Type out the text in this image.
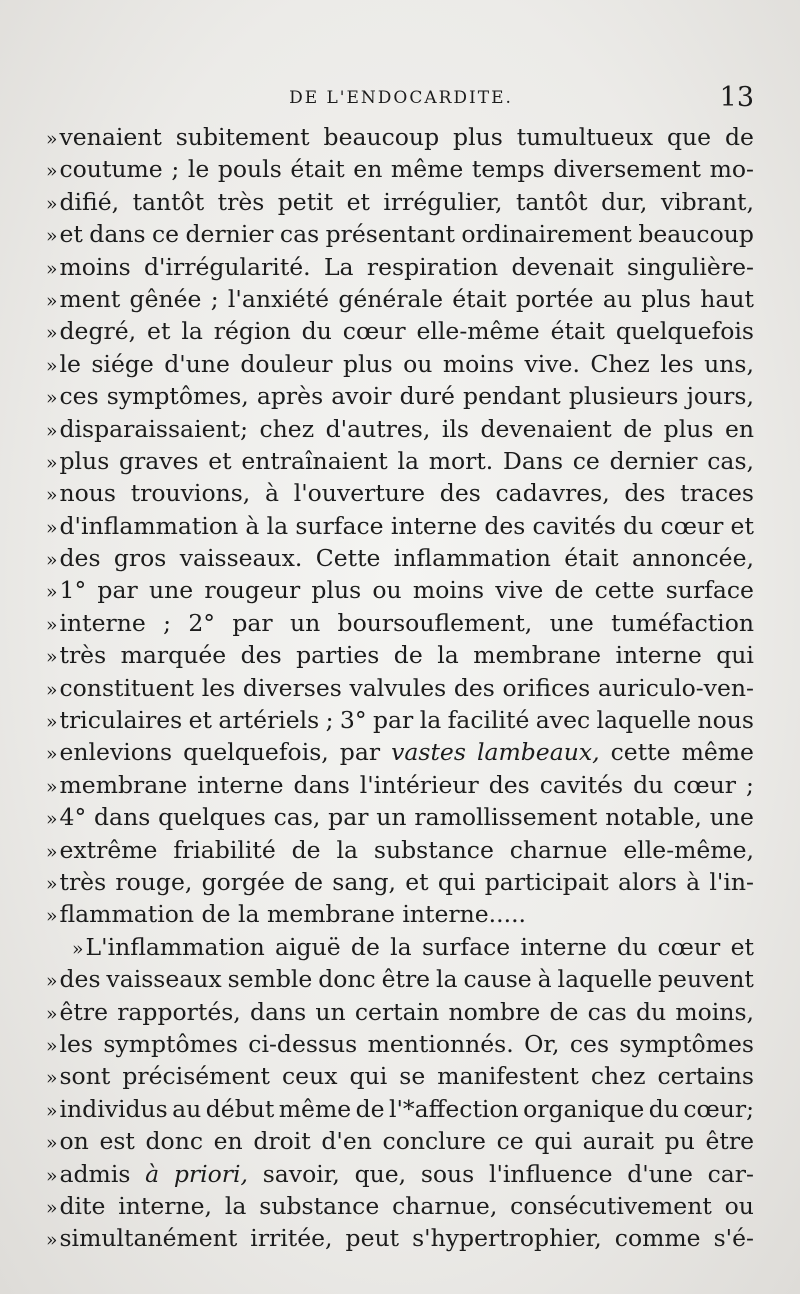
DE L'ENDOCARDITE.	13
»venaient subitement beaucoup plus tumultueux que de
»coutume ; le pouls était en même temps diversement mo-
»difié, tantôt très petit et irrégulier, tantôt dur, vibrant,
»et dans ce dernier cas présentant ordinairement beaucoup
»moins d'irrégularité. La respiration devenait singulière-
»ment gênée ; l'anxiété générale était portée au plus haut
»degré, et la région du cœur elle-même était quelquefois
»le siége d'une douleur plus ou moins vive. Chez les uns,
»ces symptômes, après avoir duré pendant plusieurs jours,
»disparaissaient; chez d'autres, ils devenaient de plus en
»plus graves et entraînaient la mort. Dans ce dernier cas,
»nous trouvions, à l'ouverture des cadavres, des traces
»d'inflammation à la surface interne des cavités du cœur et
»des gros vaisseaux. Cette inflammation était annoncée,
»1° par une rougeur plus ou moins vive de cette surface
»interne ; 2° par un boursouflement, une tuméfaction
»très marquée des parties de la membrane interne qui
»constituent les diverses valvules des orifices auriculo-ven-
»triculaires et artériels ; 3° par la facilité avec laquelle nous
»enlevions quelquefois, par vastes lambeaux, cette même
»membrane interne dans l'intérieur des cavités du cœur ;
»4° dans quelques cas, par un ramollissement notable, une
»extrême friabilité de la substance charnue elle-même,
»très rouge, gorgée de sang, et qui participait alors à l'in-
»flammation de la membrane interne.....
»L'inflammation aiguë de la surface interne du cœur et
»des vaisseaux semble donc être la cause à laquelle peuvent
»être rapportés, dans un certain nombre de cas du moins,
»les symptômes ci-dessus mentionnés. Or, ces symptômes
»sont précisément ceux qui se manifestent chez certains
»individus au début même de l'*affection organique du cœur;
»on est donc en droit d'en conclure ce qui aurait pu être
»admis à priori, savoir, que, sous l'influence d'une car-
»dite interne, la substance charnue, consécutivement ou
»simultanément irritée, peut s'hypertrophier, comme s'é-
